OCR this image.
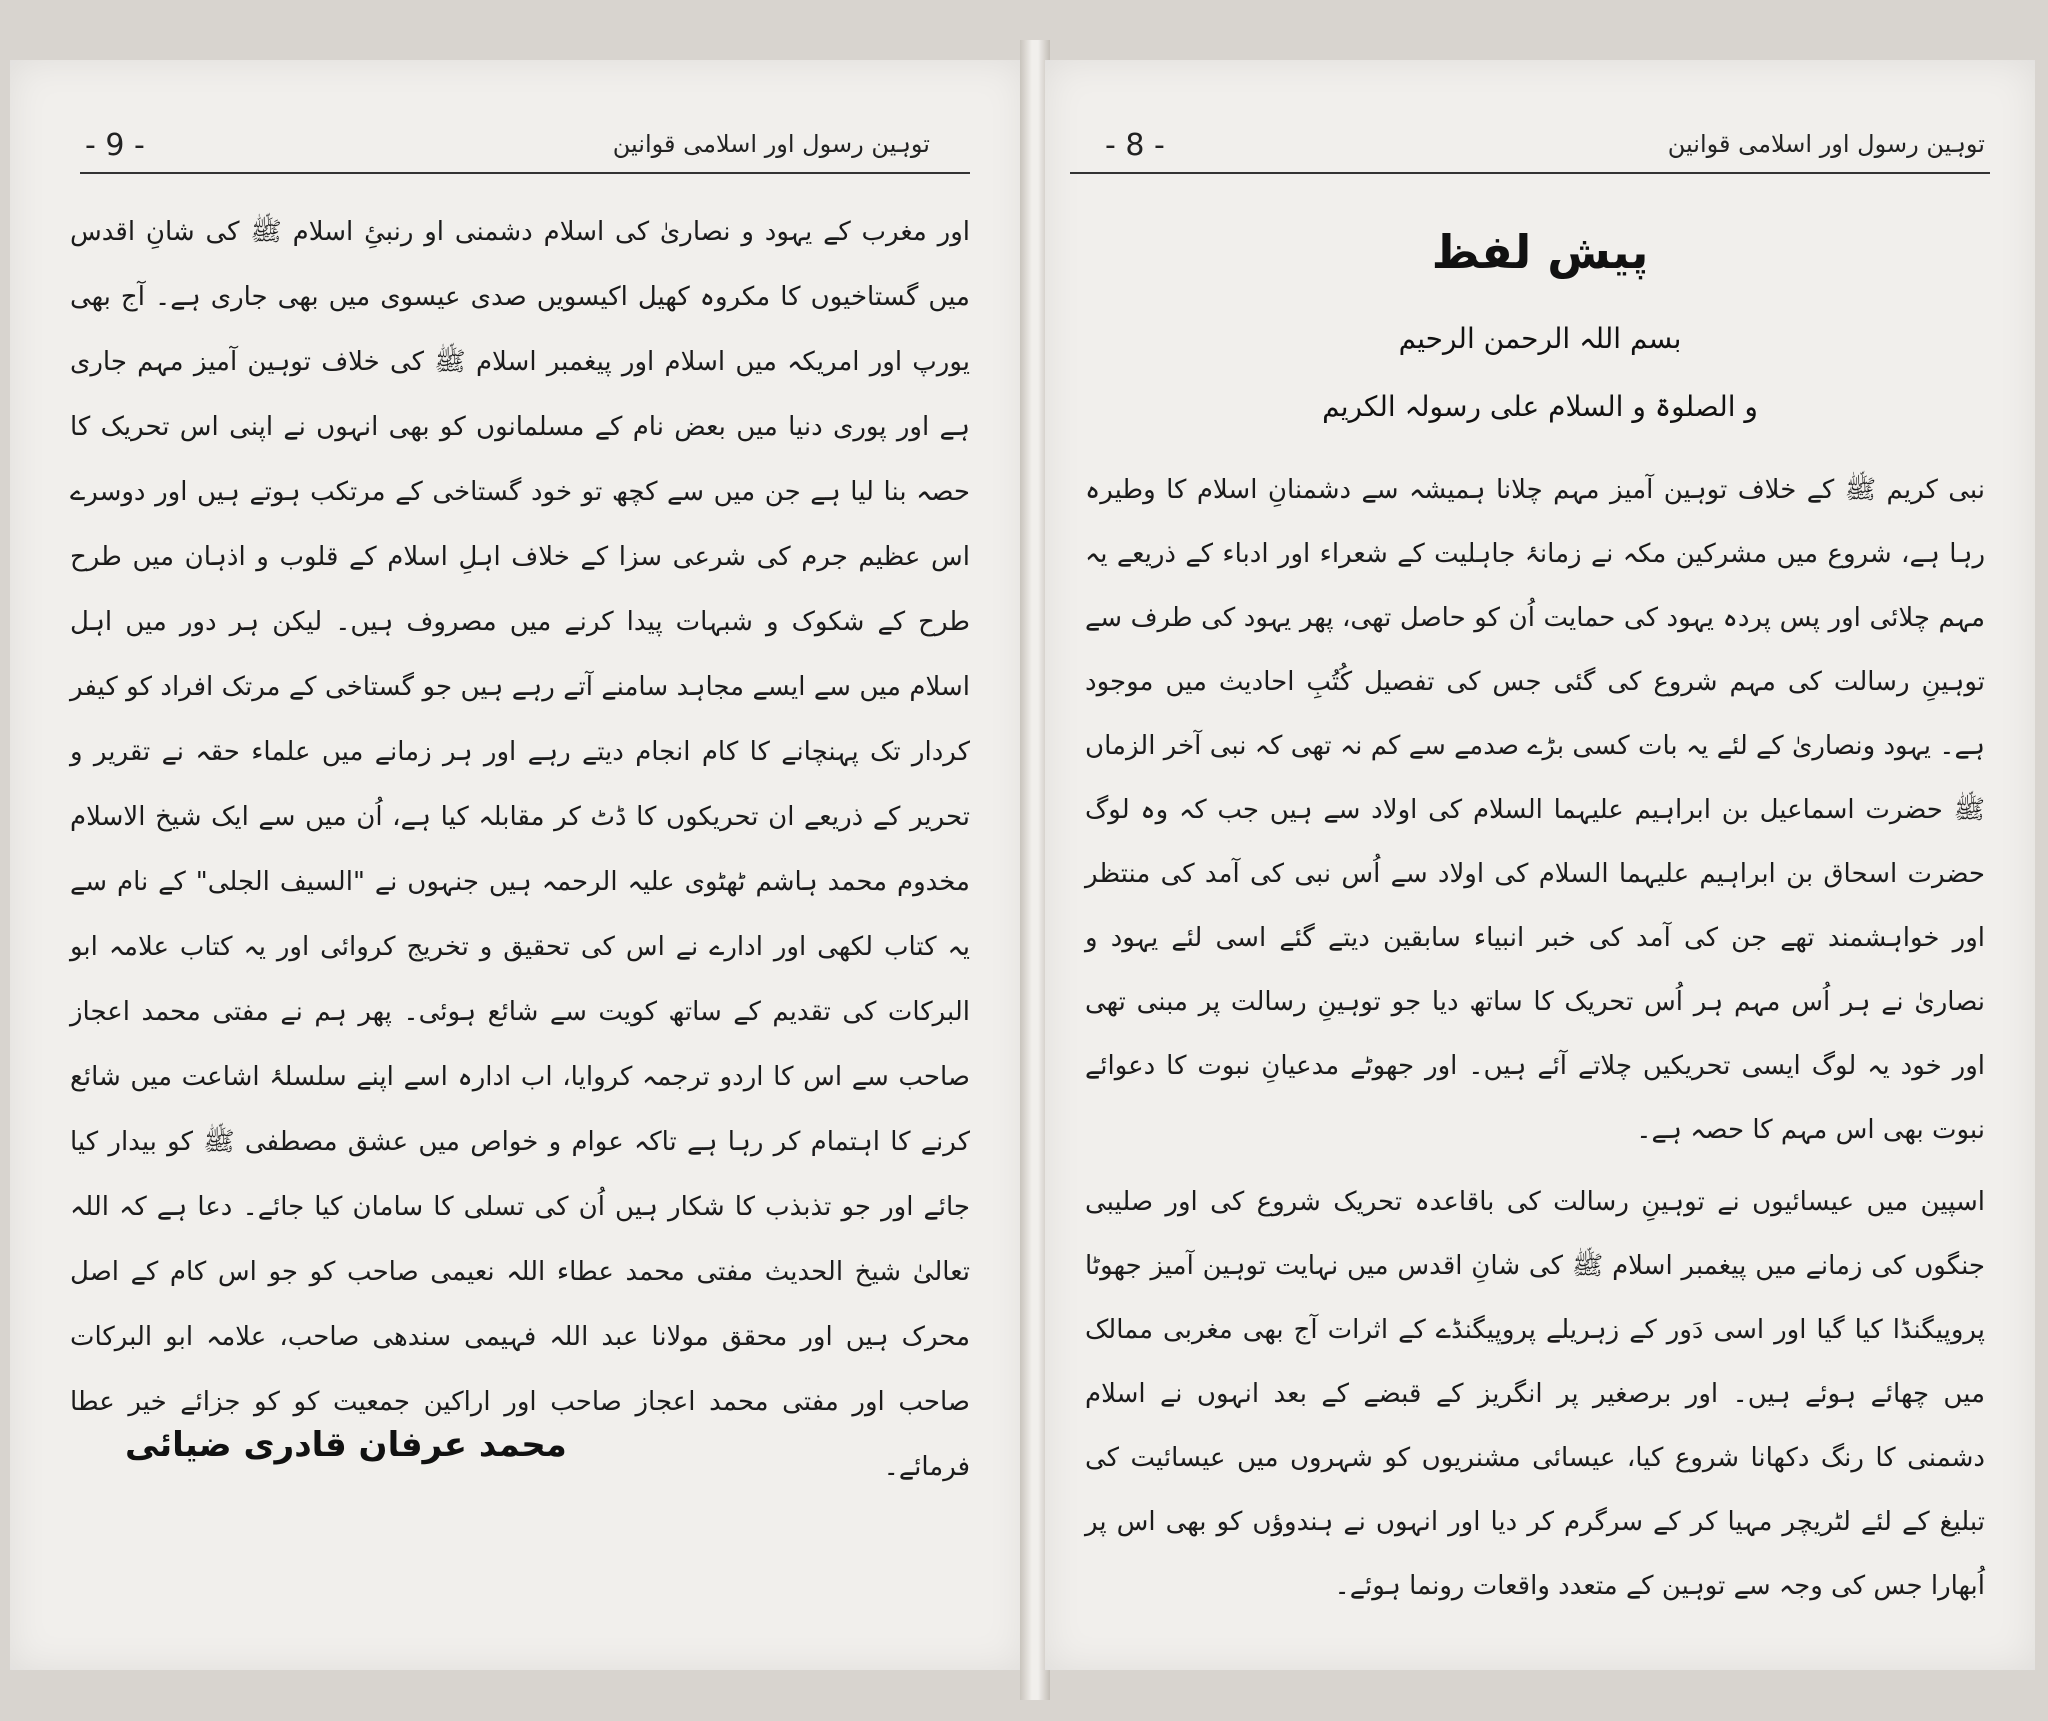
توہین رسول اور اسلامی قوانین
- 9 -

اور مغرب کے یہود و نصاریٰ کی اسلام دشمنی او رنبیِٔ اسلام ﷺ کی شانِ اقدس میں گستاخیوں کا مکروہ کھیل اکیسویں صدی عیسوی میں بھی جاری ہے۔ آج بھی یورپ اور امریکہ میں اسلام اور پیغمبر اسلام ﷺ کی خلاف توہین آمیز مہم جاری ہے اور پوری دنیا میں بعض نام کے مسلمانوں کو بھی انہوں نے اپنی اس تحریک کا حصہ بنا لیا ہے جن میں سے کچھ تو خود گستاخی کے مرتکب ہوتے ہیں اور دوسرے اس عظیم جرم کی شرعی سزا کے خلاف اہلِ اسلام کے قلوب و اذہان میں طرح طرح کے شکوک و شبہات پیدا کرنے میں مصروف ہیں۔ لیکن ہر دور میں اہل اسلام میں سے ایسے مجاہد سامنے آتے رہے ہیں جو گستاخی کے مرتک افراد کو کیفر کردار تک پہنچانے کا کام انجام دیتے رہے اور ہر زمانے میں علماء حقہ نے تقریر و تحریر کے ذریعے ان تحریکوں کا ڈٹ کر مقابلہ کیا ہے، اُن میں سے ایک شیخ الاسلام مخدوم محمد ہاشم ٹھٹوی علیہ الرحمہ ہیں جنہوں نے "السیف الجلی" کے نام سے یہ کتاب لکھی اور ادارے نے اس کی تحقیق و تخریج کروائی اور یہ کتاب علامہ ابو البرکات کی تقدیم کے ساتھ کویت سے شائع ہوئی۔ پھر ہم نے مفتی محمد اعجاز صاحب سے اس کا اردو ترجمہ کروایا، اب ادارہ اسے اپنے سلسلۂ اشاعت میں شائع کرنے کا اہتمام کر رہا ہے تاکہ عوام و خواص میں عشق مصطفی ﷺ کو بیدار کیا جائے اور جو تذبذب کا شکار ہیں اُن کی تسلی کا سامان کیا جائے۔ دعا ہے کہ اللہ تعالیٰ شیخ الحدیث مفتی محمد عطاء اللہ نعیمی صاحب کو جو اس کام کے اصل محرک ہیں اور محقق مولانا عبد اللہ فہیمی سندھی صاحب، علامہ ابو البرکات صاحب اور مفتی محمد اعجاز صاحب اور اراکین جمعیت کو کو جزائے خیر عطا فرمائے۔

محمد عرفان قادری ضیائی
توہین رسول اور اسلامی قوانین
- 8 -
پیش لفظ
بسم اللہ الرحمن الرحیم
و الصلوۃ و السلام علی رسولہ الکریم

نبی کریم ﷺ کے خلاف توہین آمیز مہم چلانا ہمیشہ سے دشمنانِ اسلام کا وطیرہ رہا ہے، شروع میں مشرکین مکہ نے زمانۂ جاہلیت کے شعراء اور ادباء کے ذریعے یہ مہم چلائی اور پس پردہ یہود کی حمایت اُن کو حاصل تھی، پھر یہود کی طرف سے توہینِ رسالت کی مہم شروع کی گئی جس کی تفصیل کُتُبِ احادیث میں موجود ہے۔ یہود ونصاریٰ کے لئے یہ بات کسی بڑے صدمے سے کم نہ تھی کہ نبی آخر الزماں ﷺ حضرت اسماعیل بن ابراہیم علیہما السلام کی اولاد سے ہیں جب کہ وہ لوگ حضرت اسحاق بن ابراہیم علیہما السلام کی اولاد سے اُس نبی کی آمد کی منتظر اور خواہشمند تھے جن کی آمد کی خبر انبیاء سابقین دیتے گئے اسی لئے یہود و نصاریٰ نے ہر اُس مہم ہر اُس تحریک کا ساتھ دیا جو توہینِ رسالت پر مبنی تھی اور خود یہ لوگ ایسی تحریکیں چلاتے آئے ہیں۔ اور جھوٹے مدعیانِ نبوت کا دعوائے نبوت بھی اس مہم کا حصہ ہے۔

اسپین میں عیسائیوں نے توہینِ رسالت کی باقاعدہ تحریک شروع کی اور صلیبی جنگوں کی زمانے میں پیغمبر اسلام ﷺ کی شانِ اقدس میں نہایت توہین آمیز جھوٹا پروپیگنڈا کیا گیا اور اسی دَور کے زہریلے پروپیگنڈے کے اثرات آج بھی مغربی ممالک میں چھائے ہوئے ہیں۔ اور برصغیر پر انگریز کے قبضے کے بعد انہوں نے اسلام دشمنی کا رنگ دکھانا شروع کیا، عیسائی مشنریوں کو شہروں میں عیسائیت کی تبلیغ کے لئے لٹریچر مہیا کر کے سرگرم کر دیا اور انہوں نے ہندوؤں کو بھی اس پر اُبھارا جس کی وجہ سے توہین کے متعدد واقعات رونما ہوئے۔
